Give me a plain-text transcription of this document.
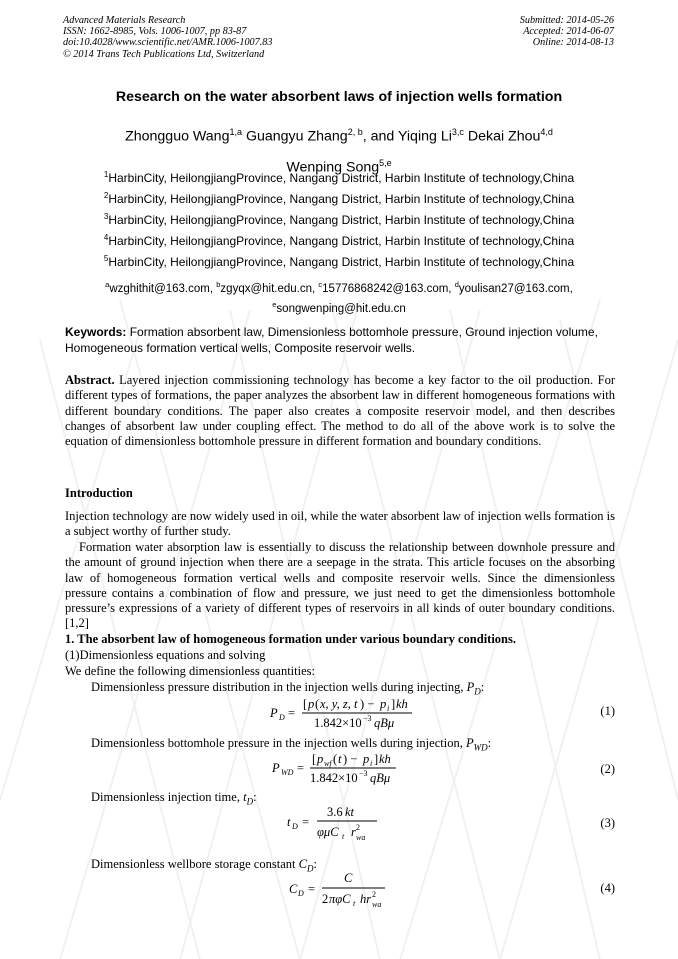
Advanced Materials Research
ISSN: 1662-8985, Vols. 1006-1007, pp 83-87
doi:10.4028/www.scientific.net/AMR.1006-1007.83
© 2014 Trans Tech Publications Ltd, Switzerland
Submitted: 2014-05-26
Accepted: 2014-06-07
Online: 2014-08-13
Research on the water absorbent laws of injection wells formation
Zhongguo Wang$^{1,a}$ Guangyu Zhang$^{2, b}$, and Yiqing Li$^{3,c}$ Dekai Zhou$^{4,d}$
Wenping Song$^{5,e}$
$^1$HarbinCity, HeilongjiangProvince, Nangang District, Harbin Institute of technology,China
$^2$HarbinCity, HeilongjiangProvince, Nangang District, Harbin Institute of technology,China
$^3$HarbinCity, HeilongjiangProvince, Nangang District, Harbin Institute of technology,China
$^4$HarbinCity, HeilongjiangProvince, Nangang District, Harbin Institute of technology,China
$^5$HarbinCity, HeilongjiangProvince, Nangang District, Harbin Institute of technology,China
$^a$wzghithit@163.com, $^b$zgyqx@hit.edu.cn, $^c$15776868242@163.com, $^d$youlisan27@163.com,
$^e$songwenping@hit.edu.cn
Keywords: Formation absorbent law, Dimensionless bottomhole pressure, Ground injection volume, Homogeneous formation vertical wells, Composite reservoir wells.
Abstract. Layered injection commissioning technology has become a key factor to the oil production. For different types of formations, the paper analyzes the absorbent law in different homogeneous formations with different boundary conditions. The paper also creates a composite reservoir model, and then describes changes of absorbent law under coupling effect. The method to do all of the above work is to solve the equation of dimensionless bottomhole pressure in different formation and boundary conditions.
Introduction
Injection technology are now widely used in oil, while the water absorbent law of injection wells formation is a subject worthy of further study.
Formation water absorption law is essentially to discuss the relationship between downhole pressure and the amount of ground injection when there are a seepage in the strata. This article focuses on the absorbing law of homogeneous formation vertical wells and composite reservoir wells. Since the dimensionless pressure contains a combination of flow and pressure, we just need to get the dimensionless bottomhole pressure’s expressions of a variety of different types of reservoirs in all kinds of outer boundary conditions.[1,2]
1. The absorbent law of homogeneous formation under various boundary conditions.
(1)Dimensionless equations and solving
We define the following dimensionless quantities:
Dimensionless pressure distribution in the injection wells during injecting, $P_D$:
P D =
[ p ( x, y, z, t ) − p i ] kh
1.842×10 −3 qBμ
(1)
Dimensionless bottomhole pressure in the injection wells during injection, $P_{WD}$:
P WD =
[ p wf ( t ) − p i ] kh
1.842×10 −3 qBμ
(2)
Dimensionless injection time, $t_D$:
t D =
3.6 kt
φμC t r 2
wa
(3)
Dimensionless wellbore storage constant $C_D$:
C D =
C
2 πφC t hr 2
wa
(4)
